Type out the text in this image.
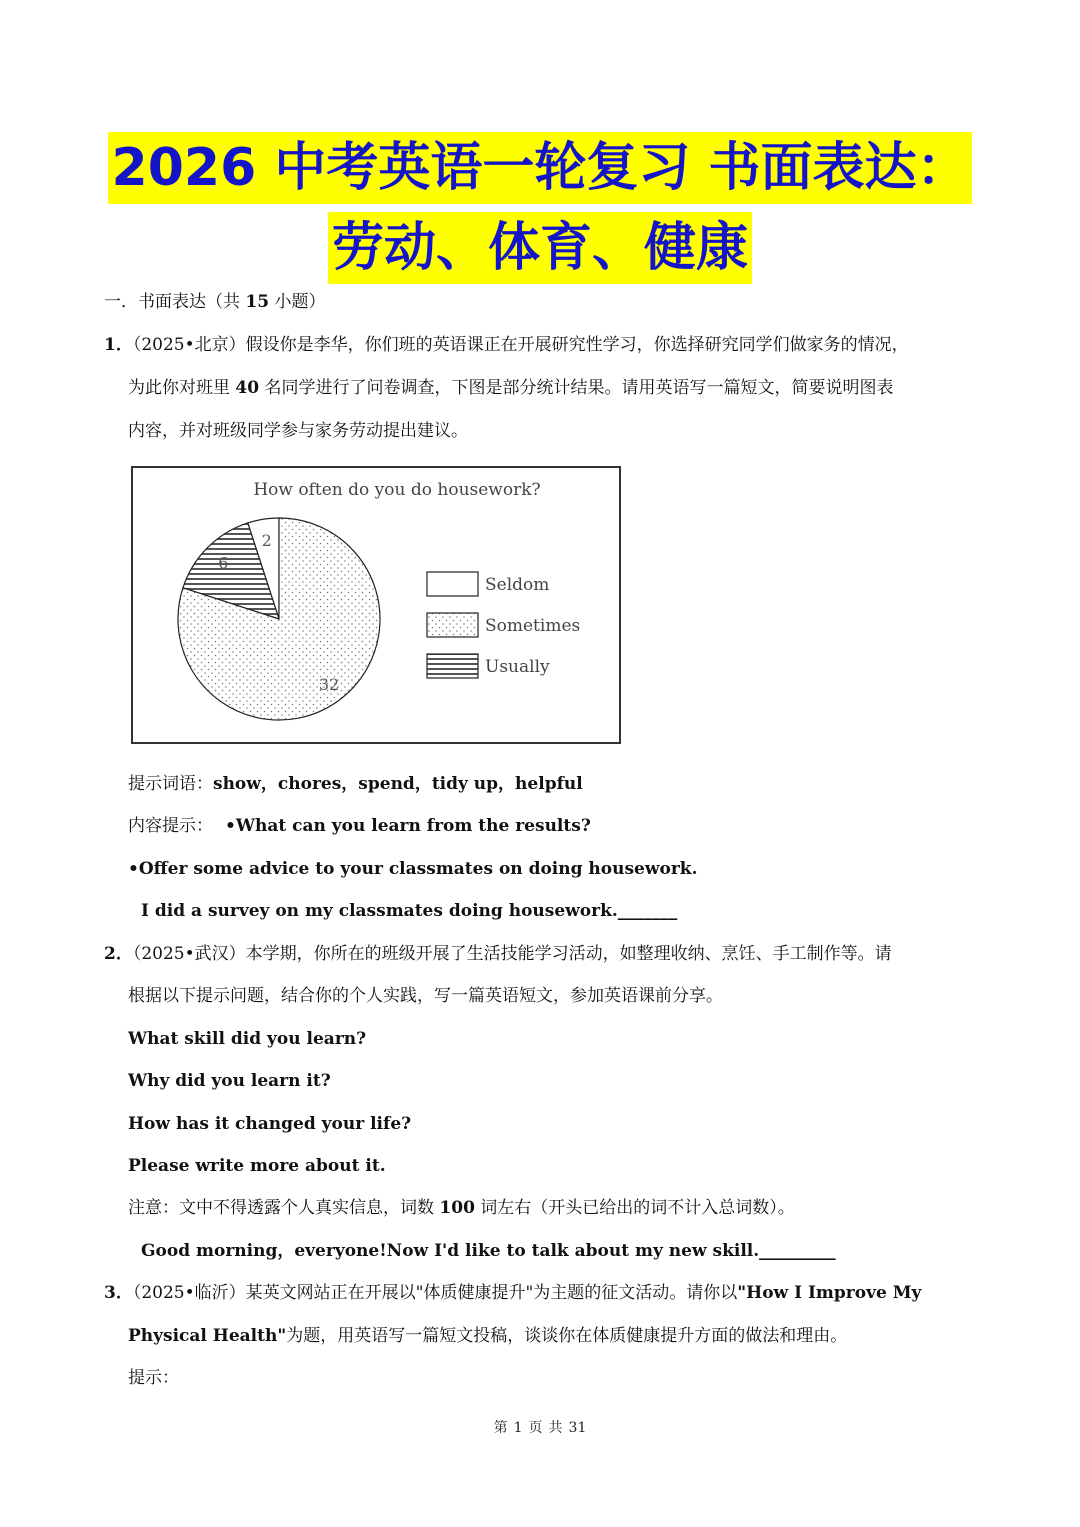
2026 中考英语一轮复习 书面表达：
劳动、体育、健康
一．书面表达（共 15 小题）
1．（2025•北京）假设你是李华，你们班的英语课正在开展研究性学习，你选择研究同学们做家务的情况，
为此你对班里 40 名同学进行了问卷调查，下图是部分统计结果。请用英语写一篇短文，简要说明图表
内容，并对班级同学参与家务劳动提出建议。
How often do you do housework?
2
6
32
Seldom
Sometimes
Usually
提示词语：show，chores，spend，tidy up，helpful
内容提示： •What can you learn from the results?
•Offer some advice to your classmates on doing housework.
I did a survey on my classmates doing housework._______
2．（2025•武汉）本学期，你所在的班级开展了生活技能学习活动，如整理收纳、烹饪、手工制作等。请
根据以下提示问题，结合你的个人实践，写一篇英语短文，参加英语课前分享。
What skill did you learn?
Why did you learn it?
How has it changed your life?
Please write more about it.
注意：文中不得透露个人真实信息，词数 100 词左右（开头已给出的词不计入总词数）。
Good morning，everyone!Now I'd like to talk about my new skill._________
3．（2025•临沂）某英文网站正在开展以"体质健康提升"为主题的征文活动。请你以"How I Improve My
Physical Health"为题，用英语写一篇短文投稿，谈谈你在体质健康提升方面的做法和理由。
提示：
第 1 页 共 31
